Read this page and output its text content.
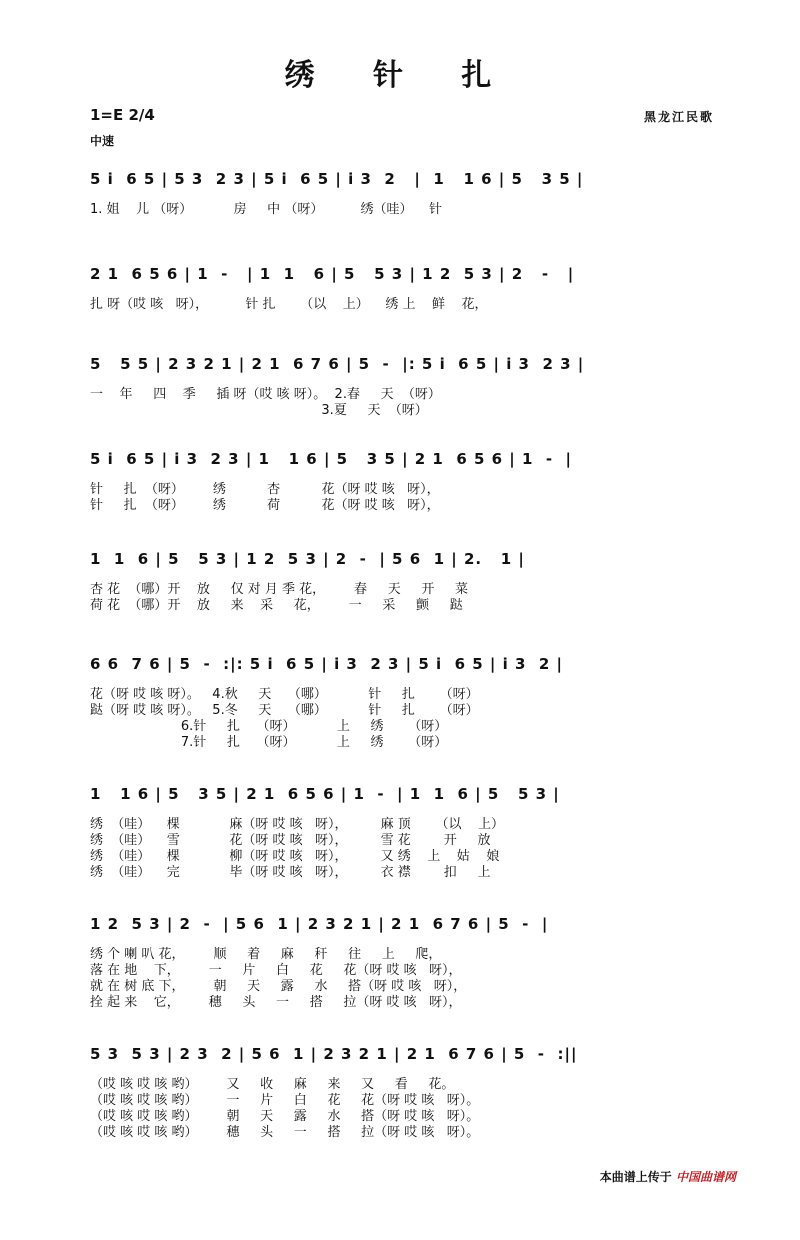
绣 针 扎
1=E 2/4
中速
黑龙江民歌
5 i  6 5 | 5 3  2 3 | 5 i  6 5 | i 3  2   |  1   1 6 | 5   3 5 |
1. 姐    儿 （呀）          房     中 （呀）         绣（哇）    针
2 1  6 5 6 | 1  -   | 1  1   6 | 5   5 3 | 1 2  5 3 | 2   -   |
扎 呀（哎 咳   呀），         针 扎      （以    上）    绣 上    鲜    花，
5   5 5 | 2 3 2 1 | 2 1  6 7 6 | 5  -  |: 5 i  6 5 | i 3  2 3 |
一    年     四    季     插 呀（哎 咳 呀）。  2.春     天  （呀）
3.夏     天  （呀）
5 i  6 5 | i 3  2 3 | 1   1 6 | 5   3 5 | 2 1  6 5 6 | 1  -  |
针     扎  （呀）       绣          杏          花（呀 哎 咳   呀），
针     扎  （呀）       绣          荷          花（呀 哎 咳   呀），
1  1  6 | 5   5 3 | 1 2  5 3 | 2  -  | 5 6  1 | 2.   1 |
杏 花  （哪）开    放     仅 对 月 季 花，       春     天     开     菜
荷 花  （哪）开    放     来    采     花，       一     采     颤     跶
6 6  7 6 | 5  -  :|: 5 i  6 5 | i 3  2 3 | 5 i  6 5 | i 3  2 |
花（呀 哎 咳 呀）。   4.秋     天    （哪）          针     扎      （呀）
跶（呀 哎 咳 呀）。   5.冬     天    （哪）          针     扎      （呀）
6.针     扎    （呀）          上     绣      （呀）
7.针     扎    （呀）          上     绣      （呀）
1   1 6 | 5   3 5 | 2 1  6 5 6 | 1  -  | 1  1  6 | 5   5 3 |
绣  （哇）    棵            麻（呀 哎 咳   呀），        麻 顶      （以    上）
绣  （哇）    雪            花（呀 哎 咳   呀），        雪 花        开     放
绣  （哇）    棵            柳（呀 哎 咳   呀），        又 绣    上    姑    娘
绣  （哇）    完            毕（呀 哎 咳   呀），        衣 襟        扣     上
1 2  5 3 | 2  -  | 5 6  1 | 2 3 2 1 | 2 1  6 7 6 | 5  -  |
绣 个 喇 叭 花，       顺     着     麻     秆     往     上     爬，
落 在 地    下，       一     片     白     花     花（呀 哎 咳   呀），
就 在 树 底 下，       朝     天     露     水     搭（呀 哎 咳   呀），
拴 起 来    它，       穗     头     一     搭     拉（呀 哎 咳   呀），
5 3  5 3 | 2 3  2 | 5 6  1 | 2 3 2 1 | 2 1  6 7 6 | 5  -  :||
（哎 咳 哎 咳 哟）       又     收     麻     来     又     看     花。
（哎 咳 哎 咳 哟）       一     片     白     花     花（呀 哎 咳   呀）。
（哎 咳 哎 咳 哟）       朝     天     露     水     搭（呀 哎 咳   呀）。
（哎 咳 哎 咳 哟）       穗     头     一     搭     拉（呀 哎 咳   呀）。
本曲谱上传于 中国曲谱网
